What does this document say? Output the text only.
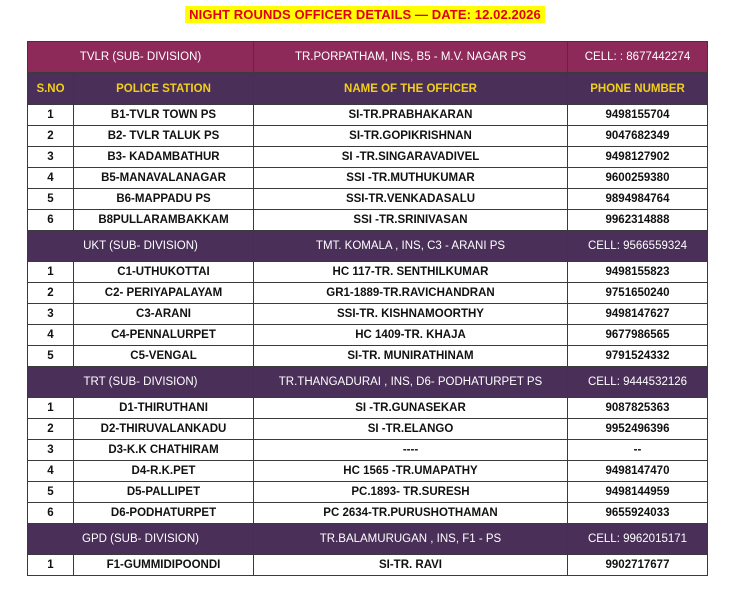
NIGHT ROUNDS OFFICER DETAILS — DATE: 12.02.2026
TVLR (SUB- DIVISION)		TR.PORPATHAM, INS, B5 - M.V. NAGAR PS	CELL: : 8677442274
S.NO	POLICE STATION	NAME OF THE OFFICER	PHONE NUMBER
1	B1-TVLR TOWN PS	SI-TR.PRABHAKARAN	9498155704
2	B2- TVLR TALUK PS	SI-TR.GOPIKRISHNAN	9047682349
3	B3- KADAMBATHUR	SI -TR.SINGARAVADIVEL	9498127902
4	B5-MANAVALANAGAR	SSI -TR.MUTHUKUMAR	9600259380
5	B6-MAPPADU PS	SSI-TR.VENKADASALU	9894984764
6	B8PULLARAMBAKKAM	SSI -TR.SRINIVASAN	9962314888
UKT (SUB- DIVISION)		TMT. KOMALA , INS, C3 - ARANI PS	CELL: 9566559324
1	C1-UTHUKOTTAI	HC 117-TR. SENTHILKUMAR	9498155823
2	C2- PERIYAPALAYAM	GR1-1889-TR.RAVICHANDRAN	9751650240
3	C3-ARANI	SSI-TR. KISHNAMOORTHY	9498147627
4	C4-PENNALURPET	HC 1409-TR. KHAJA	9677986565
5	C5-VENGAL	SI-TR. MUNIRATHINAM	9791524332
TRT (SUB- DIVISION)		TR.THANGADURAI , INS, D6- PODHATURPET PS	CELL: 9444532126
1	D1-THIRUTHANI	SI -TR.GUNASEKAR	9087825363
2	D2-THIRUVALANKADU	SI -TR.ELANGO	9952496396
3	D3-K.K CHATHIRAM	----	--
4	D4-R.K.PET	HC 1565 -TR.UMAPATHY	9498147470
5	D5-PALLIPET	PC.1893- TR.SURESH	9498144959
6	D6-PODHATURPET	PC 2634-TR.PURUSHOTHAMAN	9655924033
GPD (SUB- DIVISION)		TR.BALAMURUGAN , INS, F1 - PS	CELL: 9962015171
1	F1-GUMMIDIPOONDI	SI-TR. RAVI	9902717677
